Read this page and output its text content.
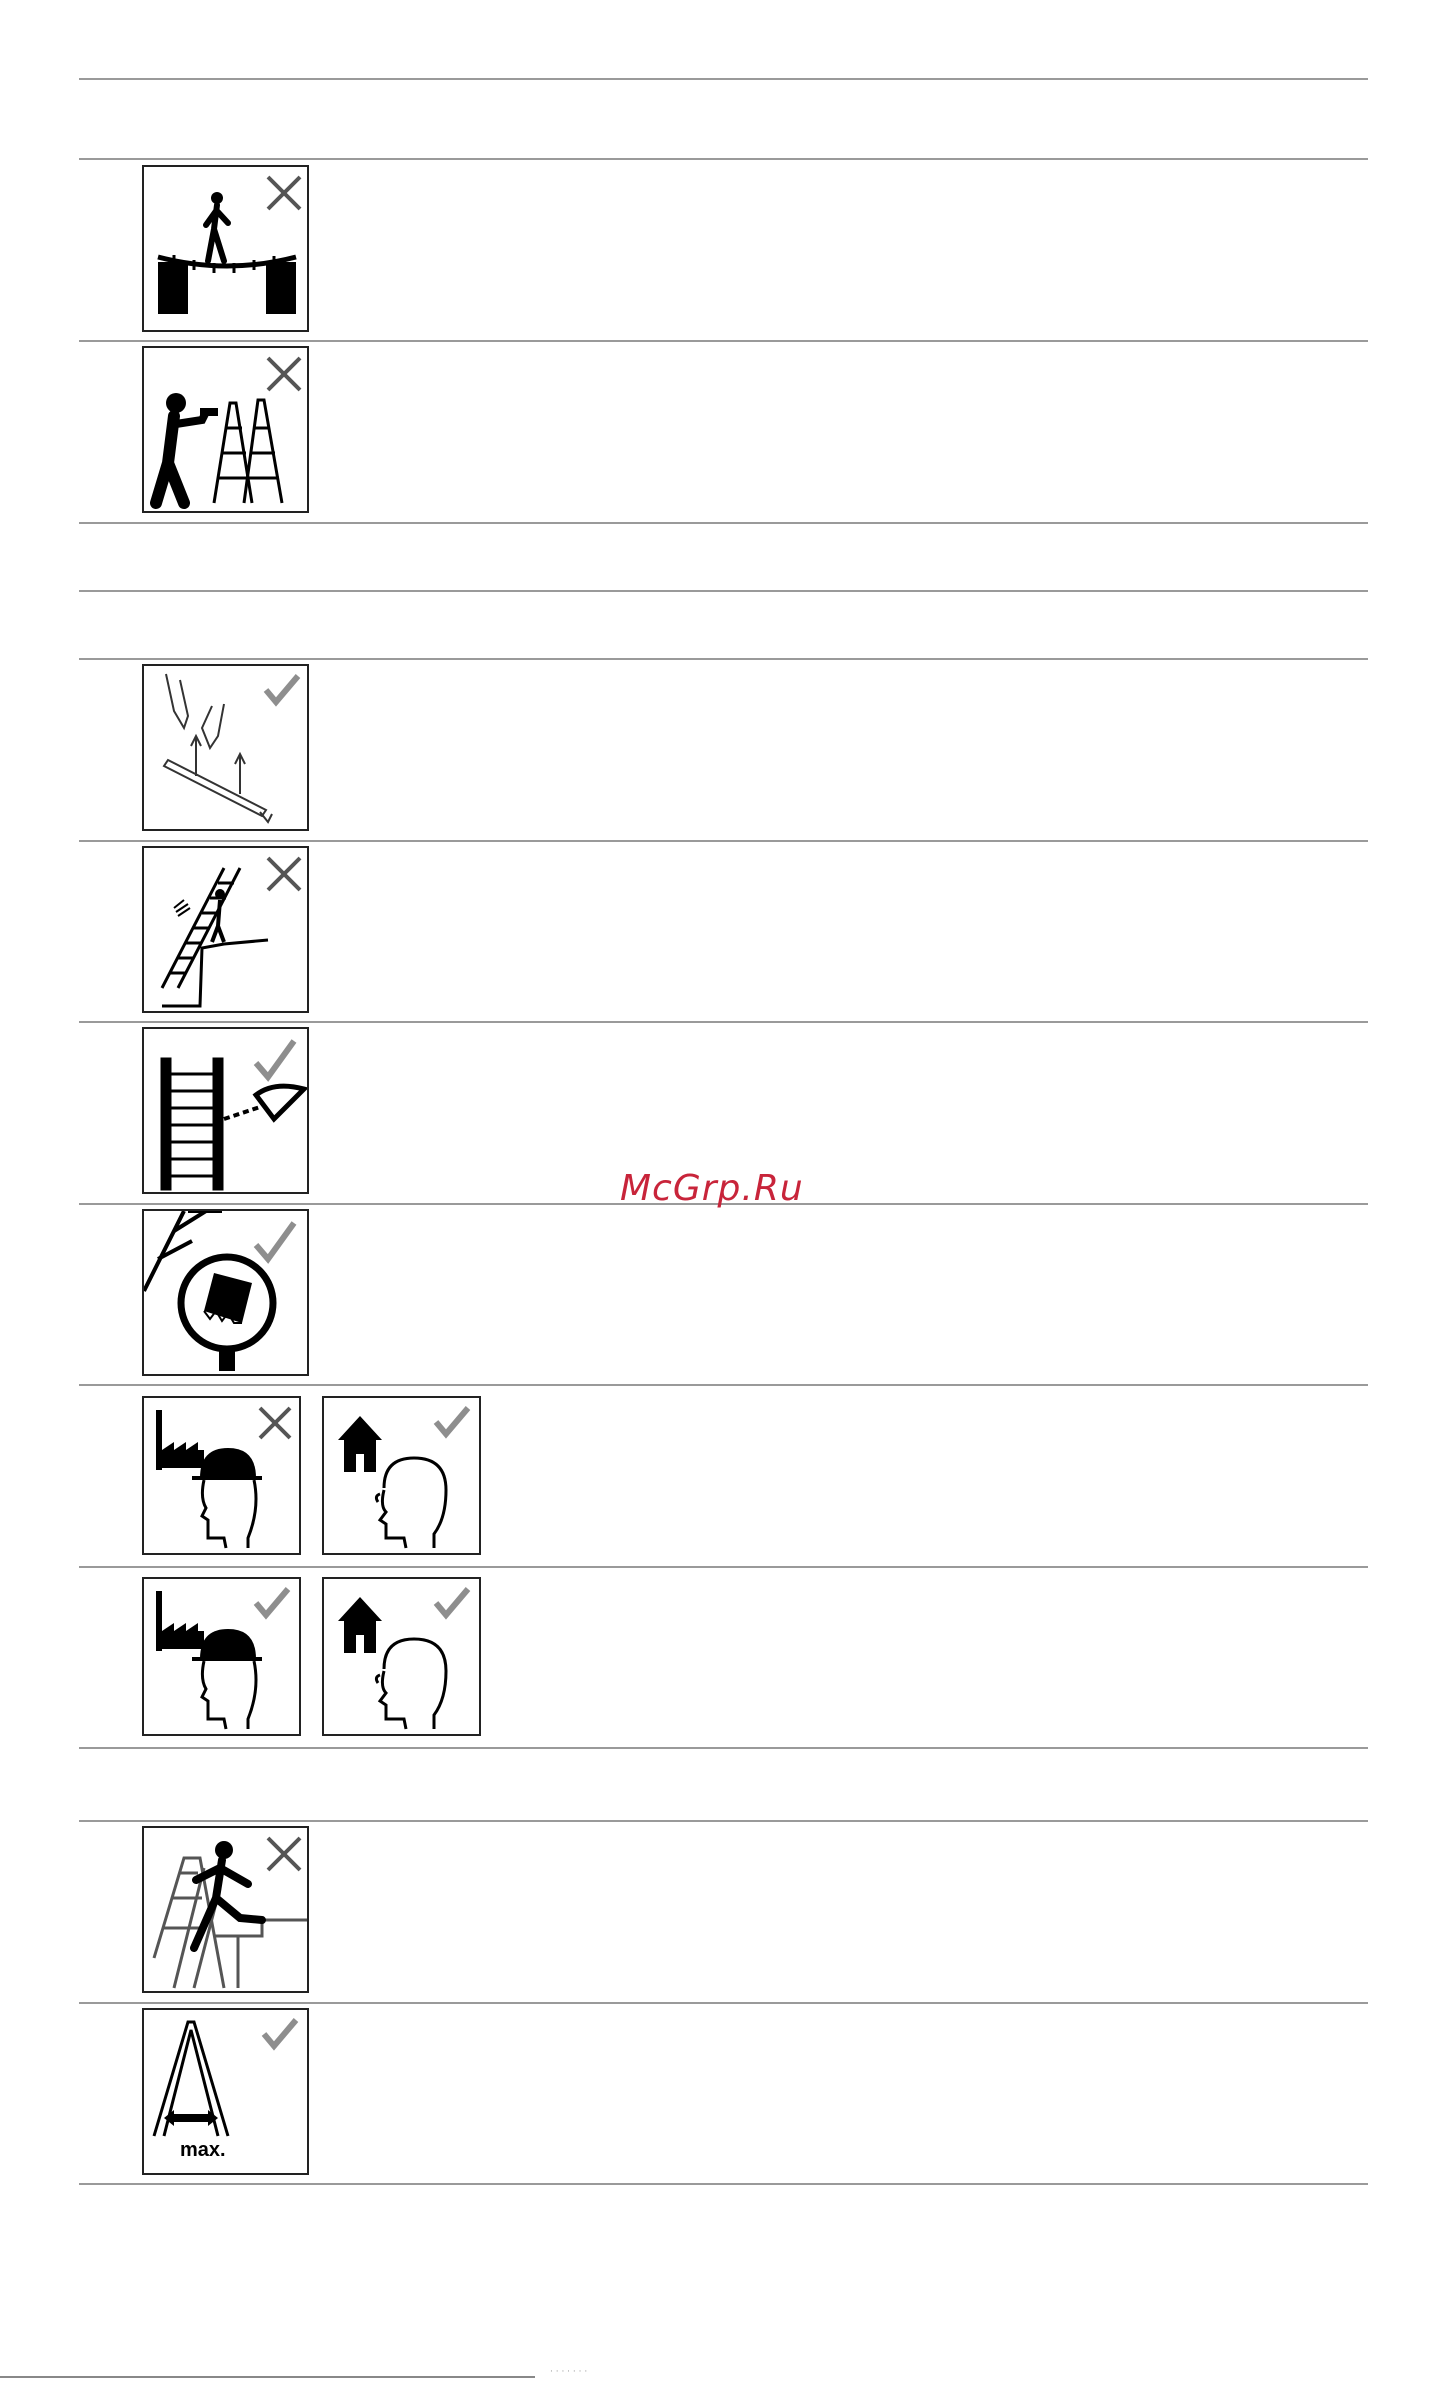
max.
McGrp.Ru
· · · · · · ·
